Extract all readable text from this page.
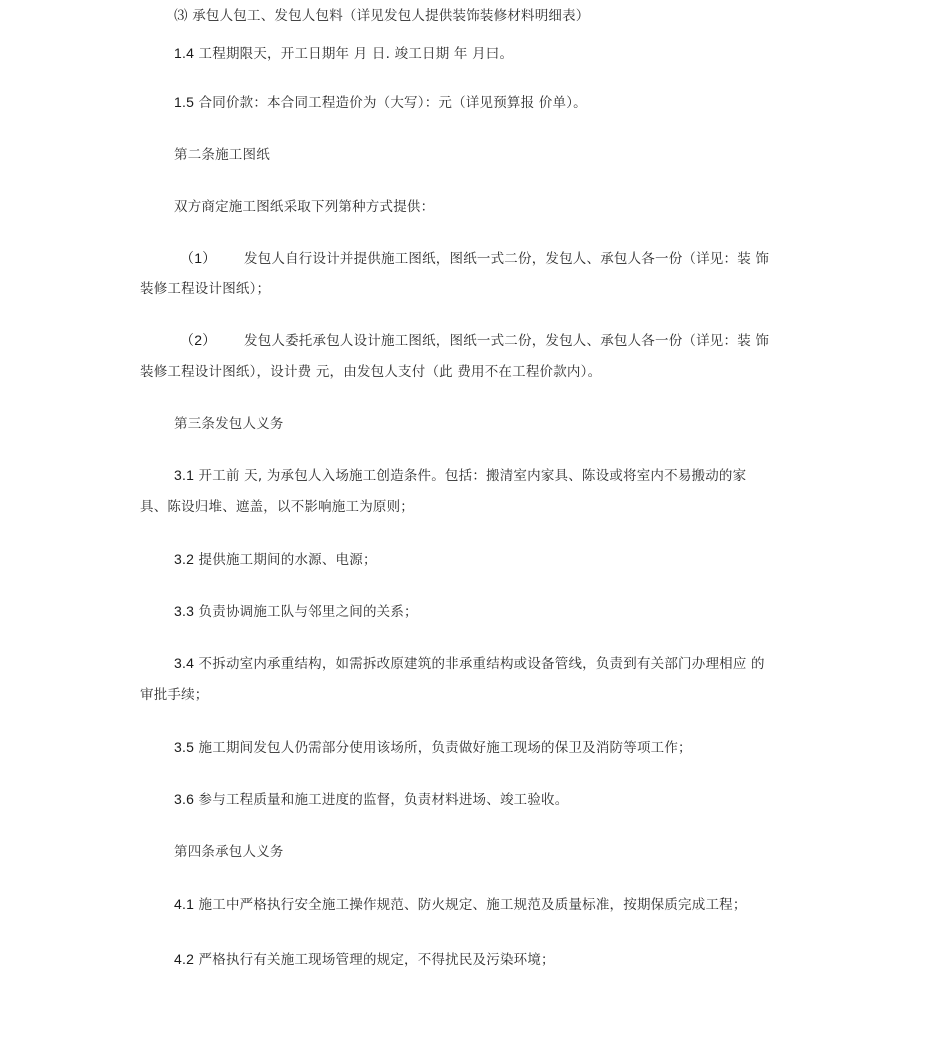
⑶ 承包人包工、发包人包料（详见发包人提供装饰装修材料明细表）
1.4 工程期限天，开工日期年 月 日. 竣工日期 年 月曰。
1.5 合同价款：本合同工程造价为（大写）：元（详见预算报 价单）。
第二条施工图纸
双方商定施工图纸采取下列第种方式提供：
（1） 发包人自行设计并提供施工图纸，图纸一式二份，发包人、承包人各一份（详见：装 饰
装修工程设计图纸）；
（2） 发包人委托承包人设计施工图纸，图纸一式二份，发包人、承包人各一份（详见：装 饰
装修工程设计图纸），设计费 元，由发包人支付（此 费用不在工程价款内）。
第三条发包人义务
3.1 开工前 天, 为承包人入场施工创造条件。包括：搬清室内家具、陈设或将室内不易搬动的家
具、陈设归堆、遮盖，以不影响施工为原则；
3.2 提供施工期间的水源、电源；
3.3 负责协调施工队与邻里之间的关系；
3.4 不拆动室内承重结构，如需拆改原建筑的非承重结构或设备管线，负责到有关部门办理相应 的
审批手续；
3.5 施工期间发包人仍需部分使用该场所，负责做好施工现场的保卫及消防等项工作；
3.6 参与工程质量和施工进度的监督，负责材料进场、竣工验收。
第四条承包人义务
4.1 施工中严格执行安全施工操作规范、防火规定、施工规范及质量标准，按期保质完成工程；
4.2 严格执行有关施工现场管理的规定，不得扰民及污染环境；
